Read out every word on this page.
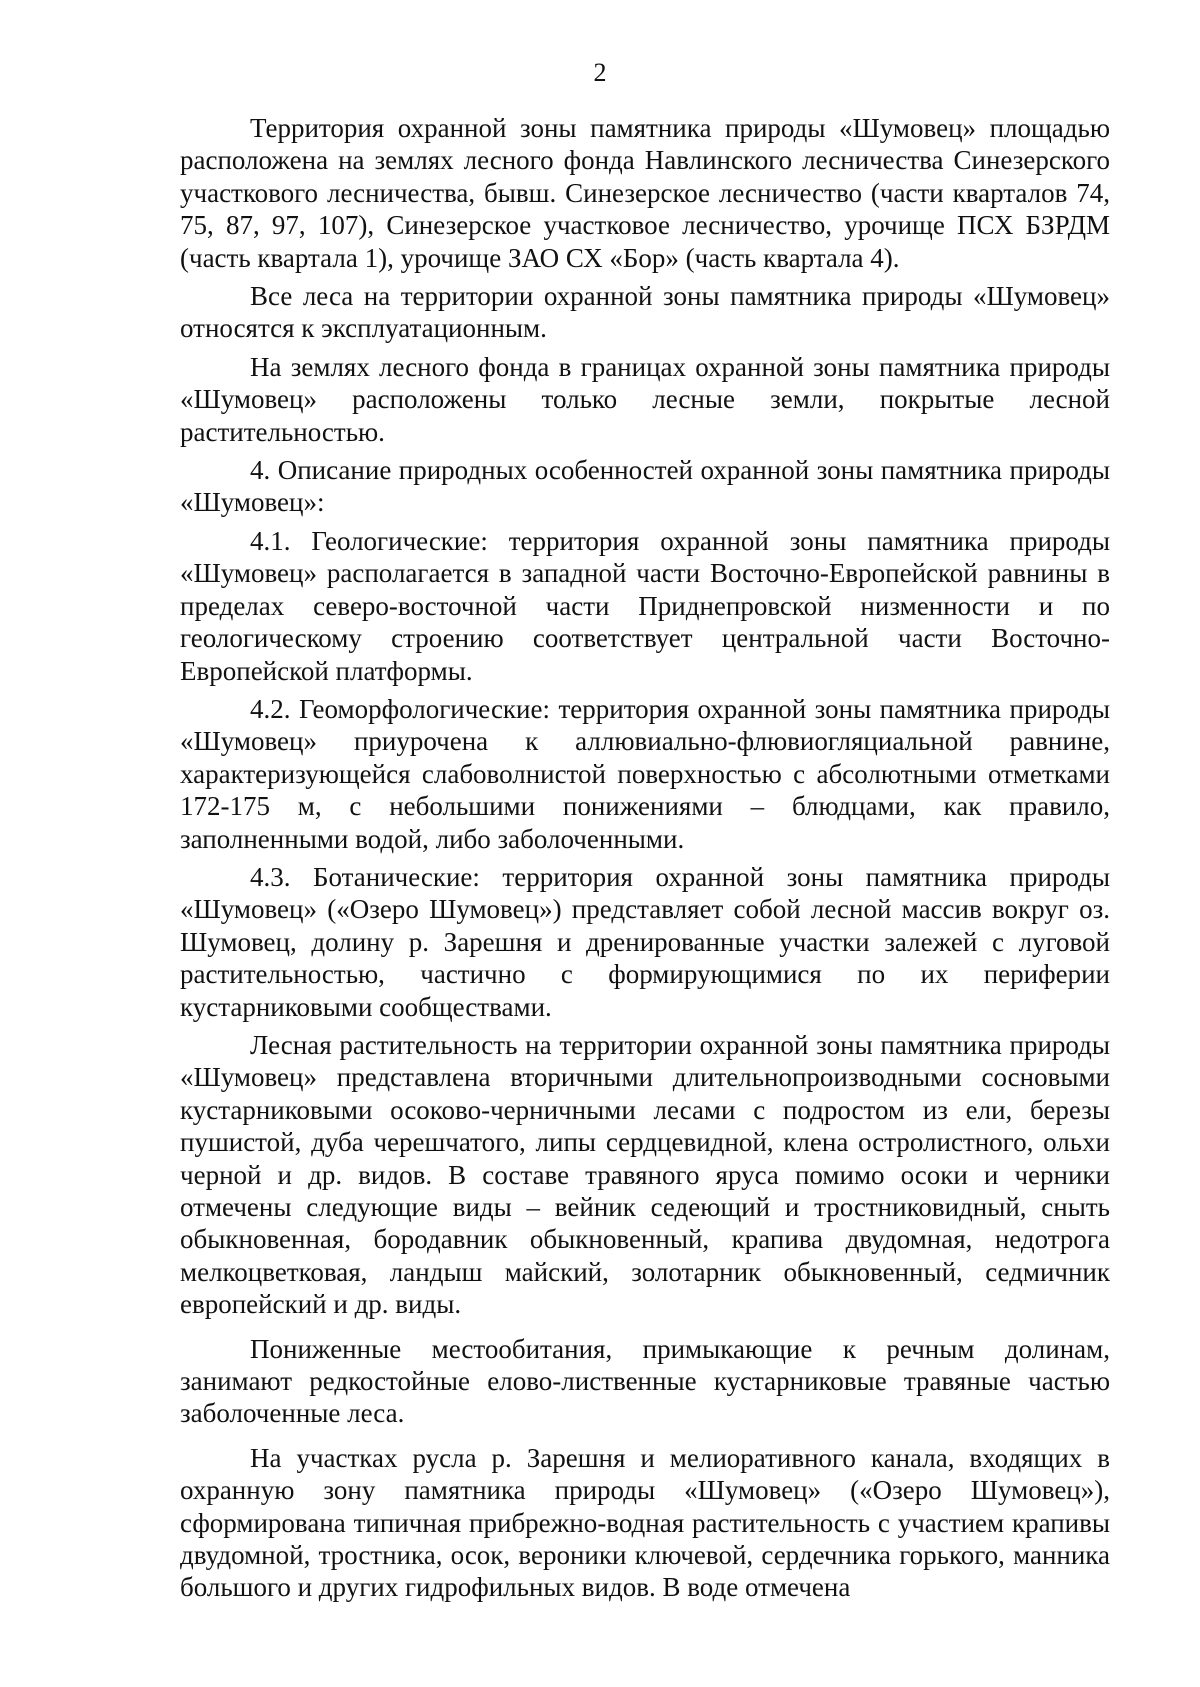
2

Территория охранной зоны памятника природы «Шумовец» площадью расположена на землях лесного фонда Навлинского лесничества Синезерского участкового лесничества, бывш. Синезерское лесничество (части кварталов 74, 75, 87, 97, 107), Синезерское участковое лесничество, урочище ПСХ БЗРДМ (часть квартала 1), урочище ЗАО СХ «Бор» (часть квартала 4).

Все леса на территории охранной зоны памятника природы «Шумовец» относятся к эксплуатационным.

На землях лесного фонда в границах охранной зоны памятника природы «Шумовец» расположены только лесные земли, покрытые лесной растительностью.

4. Описание природных особенностей охранной зоны памятника природы «Шумовец»:

4.1. Геологические: территория охранной зоны памятника природы «Шумовец» располагается в западной части Восточно-Европейской равнины в пределах северо-восточной части Приднепровской низменности и по геологическому строению соответствует центральной части Восточно-Европейской платформы.

4.2. Геоморфологические: территория охранной зоны памятника природы «Шумовец» приурочена к аллювиально-флювиогляциальной равнине, характеризующейся слабоволнистой поверхностью с абсолютными отметками 172-175 м, с небольшими понижениями – блюдцами, как правило, заполненными водой, либо заболоченными.

4.3. Ботанические: территория охранной зоны памятника природы «Шумовец» («Озеро Шумовец») представляет собой лесной массив вокруг оз. Шумовец, долину р. Зарешня и дренированные участки залежей с луговой растительностью, частично с формирующимися по их периферии кустарниковыми сообществами.

Лесная растительность на территории охранной зоны памятника природы «Шумовец» представлена вторичными длительнопроизводными сосновыми кустарниковыми осоково-черничными лесами с подростом из ели, березы пушистой, дуба черешчатого, липы сердцевидной, клена остролистного, ольхи черной и др. видов. В составе травяного яруса помимо осоки и черники отмечены следующие виды – вейник седеющий и тростниковидный, сныть обыкновенная, бородавник обыкновенный, крапива двудомная, недотрога мелкоцветковая, ландыш майский, золотарник обыкновенный, седмичник европейский и др. виды.

Пониженные местообитания, примыкающие к речным долинам, занимают редкостойные елово-лиственные кустарниковые травяные частью заболоченные леса.

На участках русла р. Зарешня и мелиоративного канала, входящих в охранную зону памятника природы «Шумовец» («Озеро Шумовец»), сформирована типичная прибрежно-водная растительность с участием крапивы двудомной, тростника, осок, вероники ключевой, сердечника горького, манника большого и других гидрофильных видов. В воде отмечена
